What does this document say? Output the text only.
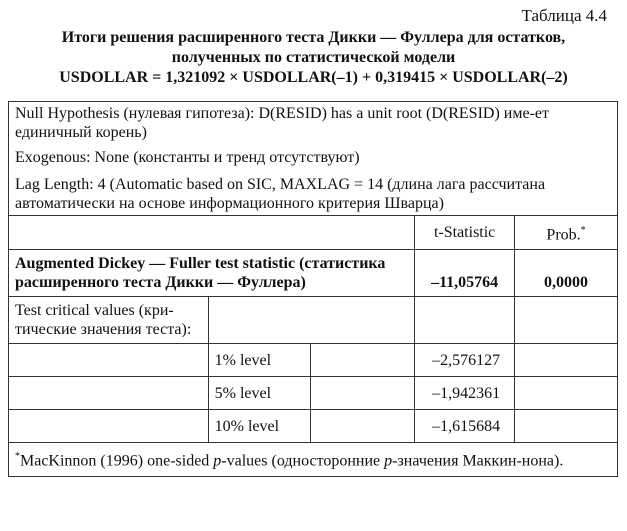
Таблица 4.4
Итоги решения расширенного теста Дикки — Фуллера для остатков,
полученных по статистической модели
USDOLLAR = 1,321092 × USDOLLAR(–1) + 0,319415 × USDOLLAR(–2)
Null Hypothesis (нулевая гипотеза): D(RESID) has a unit root (D(RESID) име-ет единичный корень)				
Exogenous: None (константы и тренд отсутствуют)				
Lag Length: 4 (Automatic based on SIC, MAXLAG = 14 (длина лага рассчитана автоматически на основе информационного критерия Шварца)				
			t-Statistic	Prob.*
Augmented Dickey — Fuller test statistic (статистика расширенного теста Дикки — Фуллера)			–11,05764	0,0000
Test critical values (кри-тические значения теста):				
	1% level		–2,576127	
	5% level		–1,942361	
	10% level		–1,615684	
*MacKinnon (1996) one-sided p-values (односторонние p-значения Маккин-нона).				
